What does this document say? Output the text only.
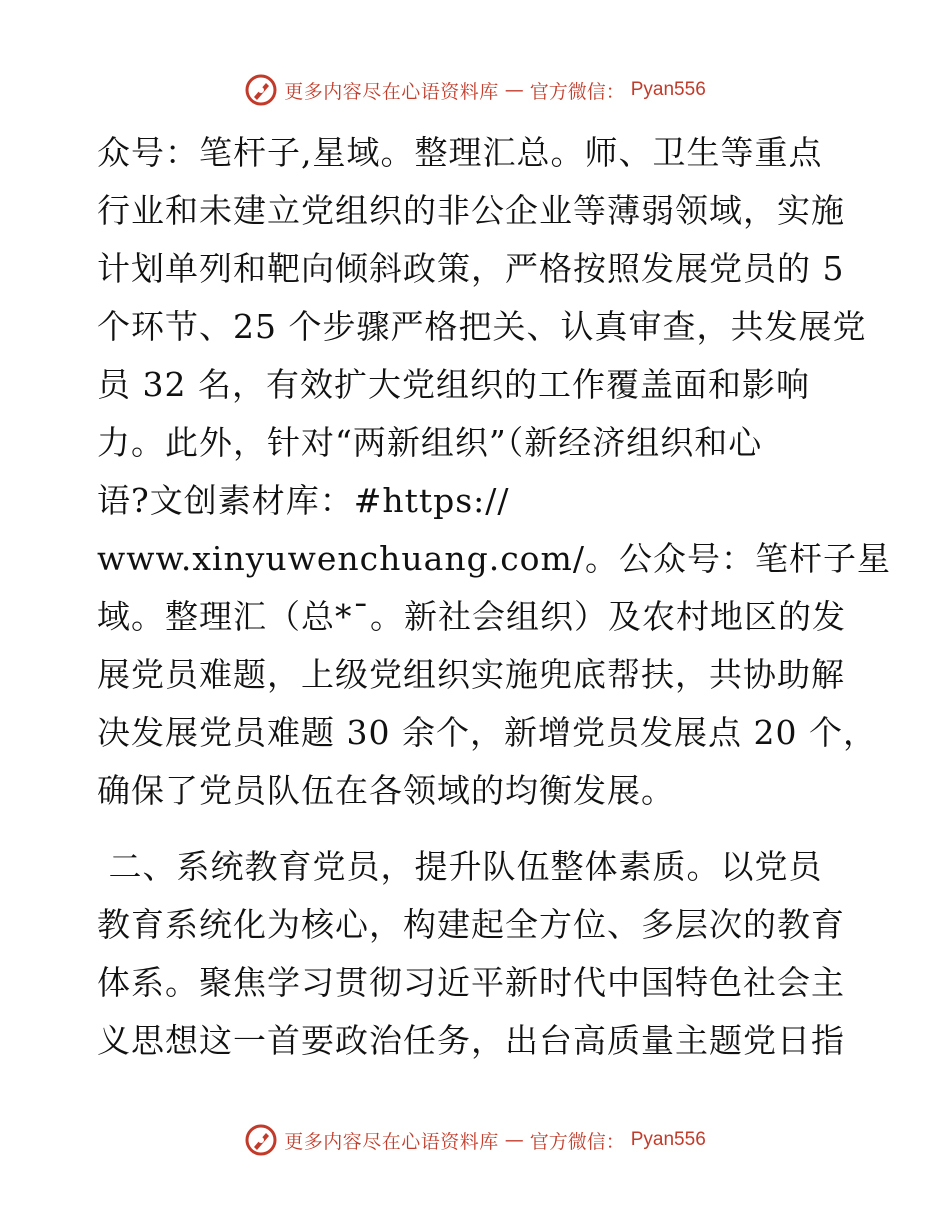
更多内容尽在心语资料库 — 官方微信： Pyan556
众号：笔杆子,星域。整理汇总。师、卫生等重点
行业和未建立党组织的非公企业等薄弱领域，实施
计划单列和靶向倾斜政策，严格按照发展党员的 5
个环节、25 个步骤严格把关、认真审查，共发展党
员 32 名，有效扩大党组织的工作覆盖面和影响
力。此外，针对“两新组织”（新经济组织和心
语?文创素材库：#https://
www.xinyuwenchuang.com/。公众号：笔杆子星
域。整理汇（总*¯。新社会组织）及农村地区的发
展党员难题，上级党组织实施兜底帮扶，共协助解
决发展党员难题 30 余个，新增党员发展点 20 个，
确保了党员队伍在各领域的均衡发展。
二、系统教育党员，提升队伍整体素质。以党员
教育系统化为核心，构建起全方位、多层次的教育
体系。聚焦学习贯彻习近平新时代中国特色社会主
义思想这一首要政治任务，出台高质量主题党日指
更多内容尽在心语资料库 — 官方微信： Pyan556
